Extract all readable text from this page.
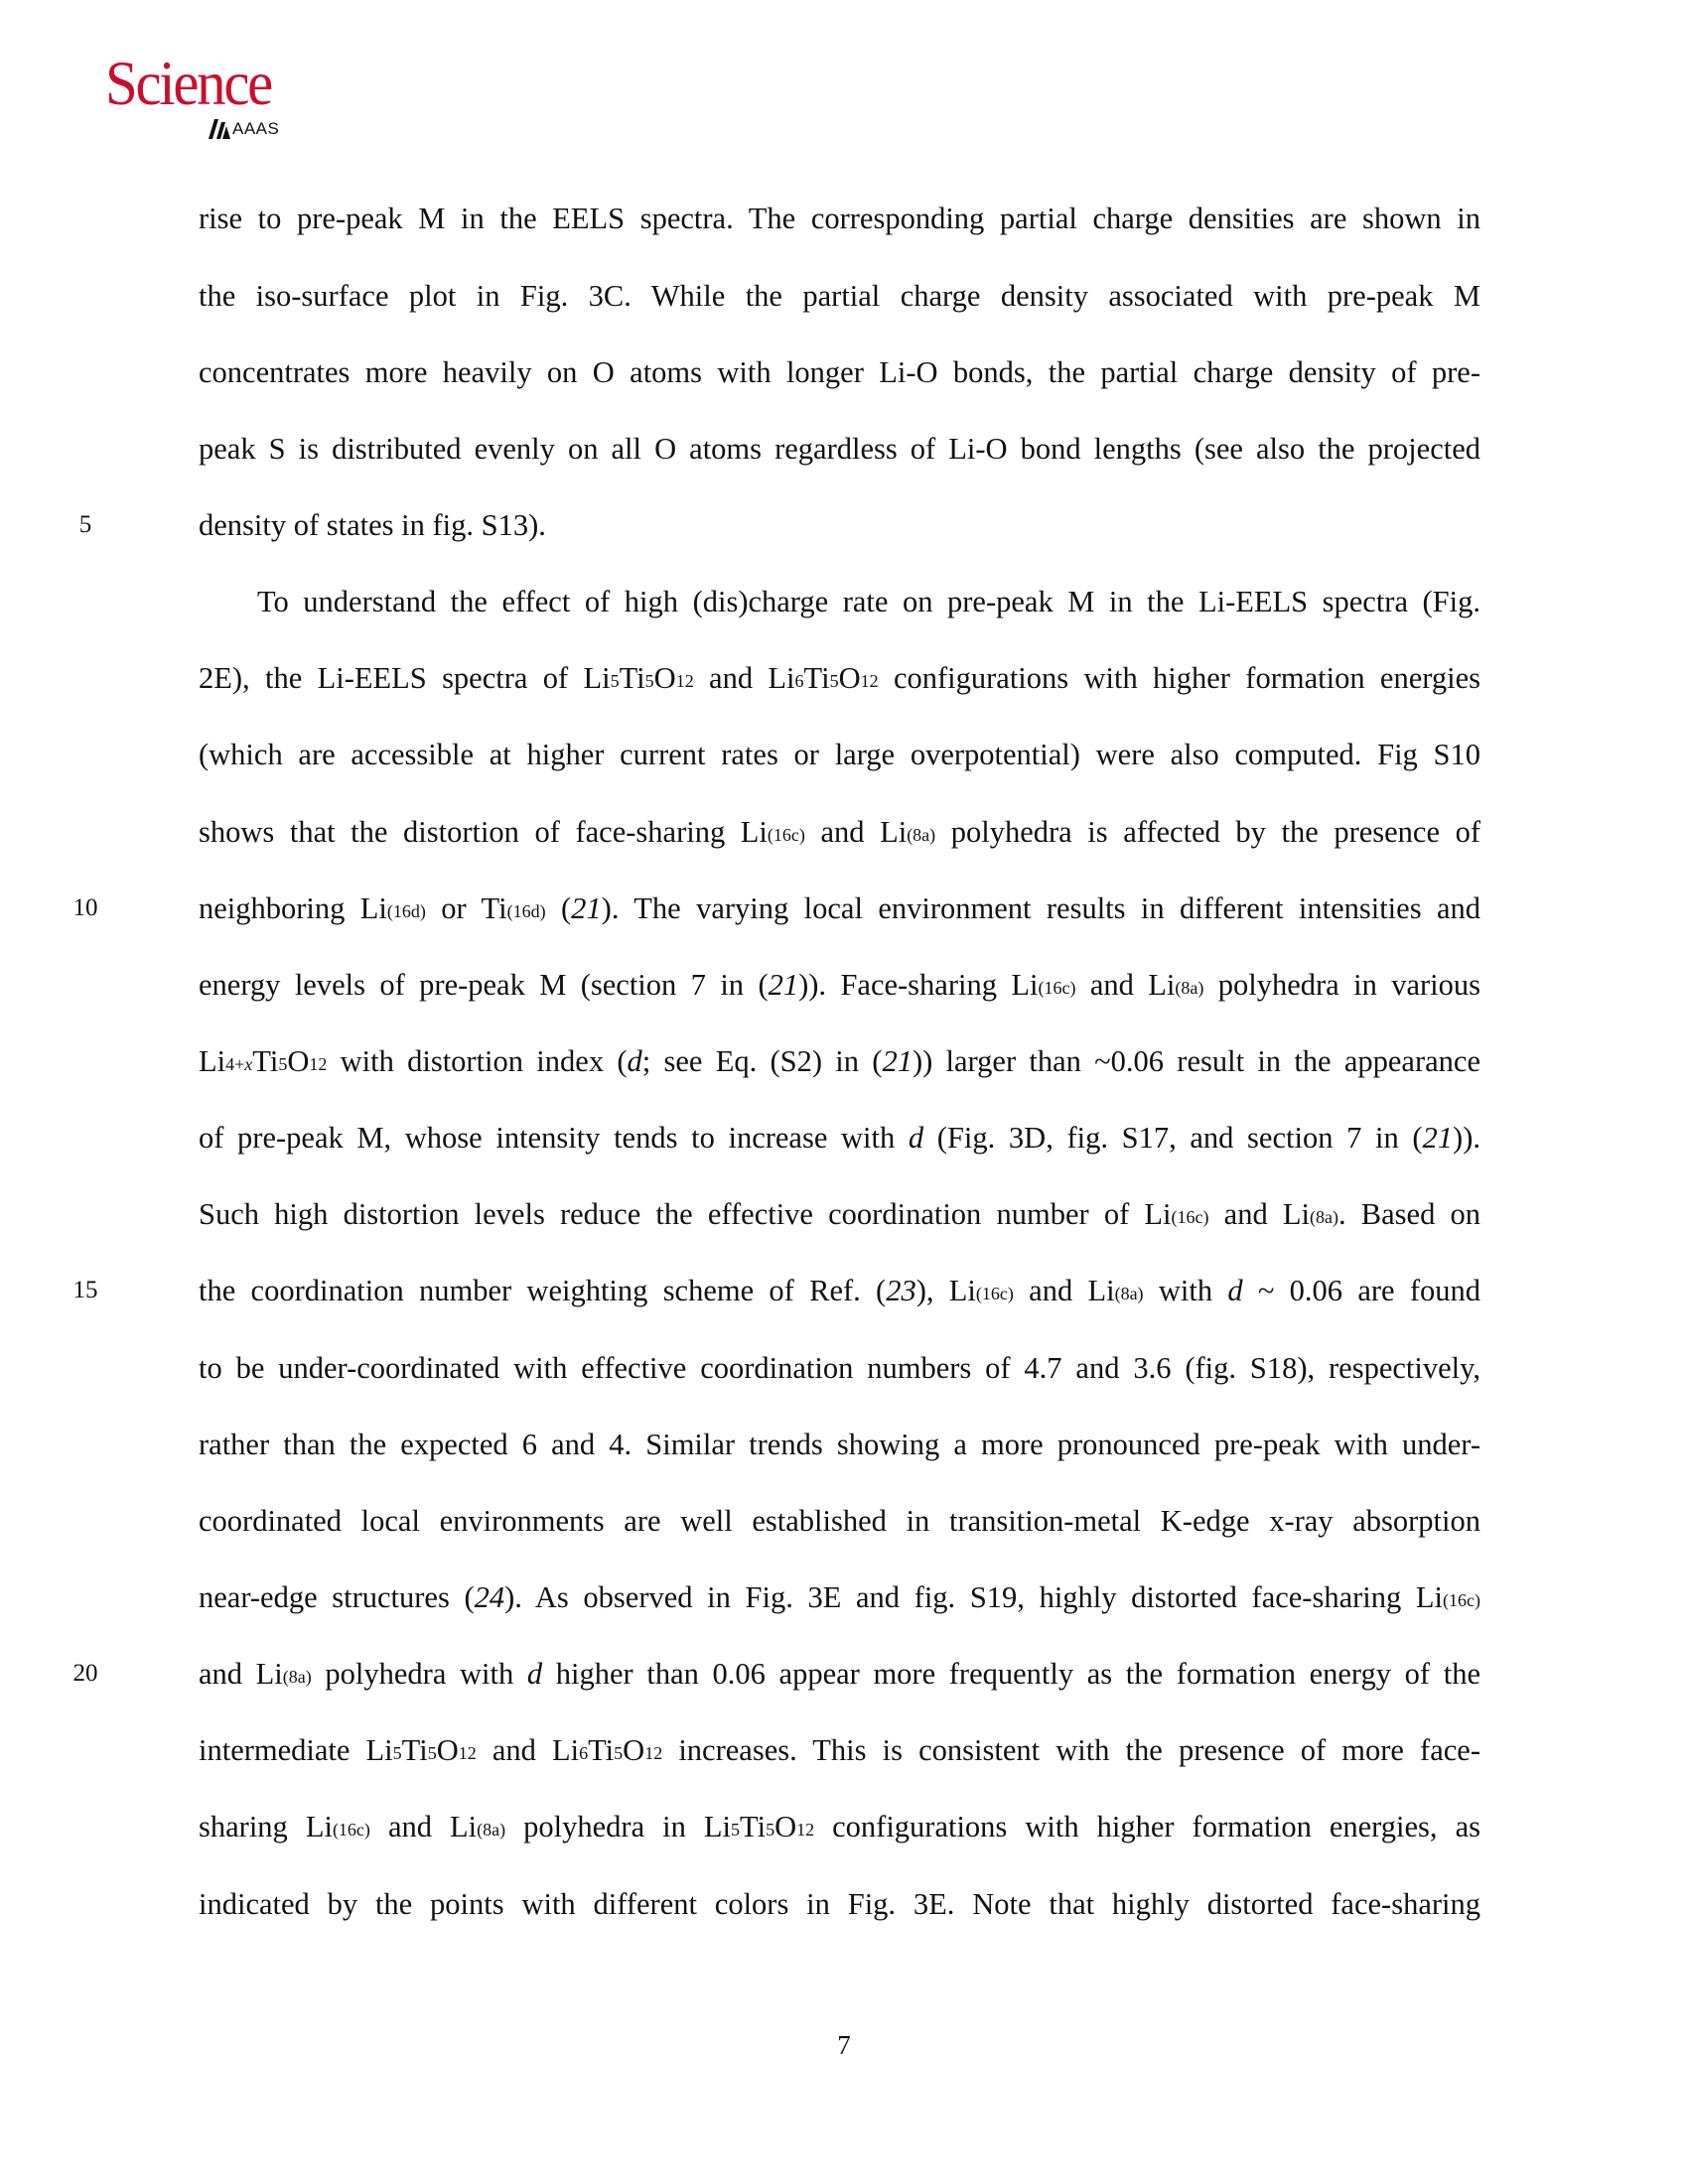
Science
AAAS

rise to pre-peak M in the EELS spectra. The corresponding partial charge densities are shown in

the iso-surface plot in Fig. 3C. While the partial charge density associated with pre-peak M

concentrates more heavily on O atoms with longer Li-O bonds, the partial charge density of pre-

peak S is distributed evenly on all O atoms regardless of Li-O bond lengths (see also the projected

density of states in fig. S13).

To understand the effect of high (dis)charge rate on pre-peak M in the Li-EELS spectra (Fig.

2E), the Li-EELS spectra of Li5Ti5O12 and Li6Ti5O12 configurations with higher formation energies

(which are accessible at higher current rates or large overpotential) were also computed. Fig S10

shows that the distortion of face-sharing Li(16c) and Li(8a) polyhedra is affected by the presence of

neighboring Li(16d) or Ti(16d) (21). The varying local environment results in different intensities and

energy levels of pre-peak M (section 7 in (21)). Face-sharing Li(16c) and Li(8a) polyhedra in various

Li4+xTi5O12 with distortion index (d; see Eq. (S2) in (21)) larger than ~0.06 result in the appearance

of pre-peak M, whose intensity tends to increase with d (Fig. 3D, fig. S17, and section 7 in (21)).

Such high distortion levels reduce the effective coordination number of Li(16c) and Li(8a). Based on

the coordination number weighting scheme of Ref. (23), Li(16c) and Li(8a) with d ~ 0.06 are found

to be under-coordinated with effective coordination numbers of 4.7 and 3.6 (fig. S18), respectively,

rather than the expected 6 and 4. Similar trends showing a more pronounced pre-peak with under-

coordinated local environments are well established in transition-metal K-edge x-ray absorption

near-edge structures (24). As observed in Fig. 3E and fig. S19, highly distorted face-sharing Li(16c)

and Li(8a) polyhedra with d higher than 0.06 appear more frequently as the formation energy of the

intermediate Li5Ti5O12 and Li6Ti5O12 increases. This is consistent with the presence of more face-

sharing Li(16c) and Li(8a) polyhedra in Li5Ti5O12 configurations with higher formation energies, as

indicated by the points with different colors in Fig. 3E. Note that highly distorted face-sharing

5
10
15
20
7
